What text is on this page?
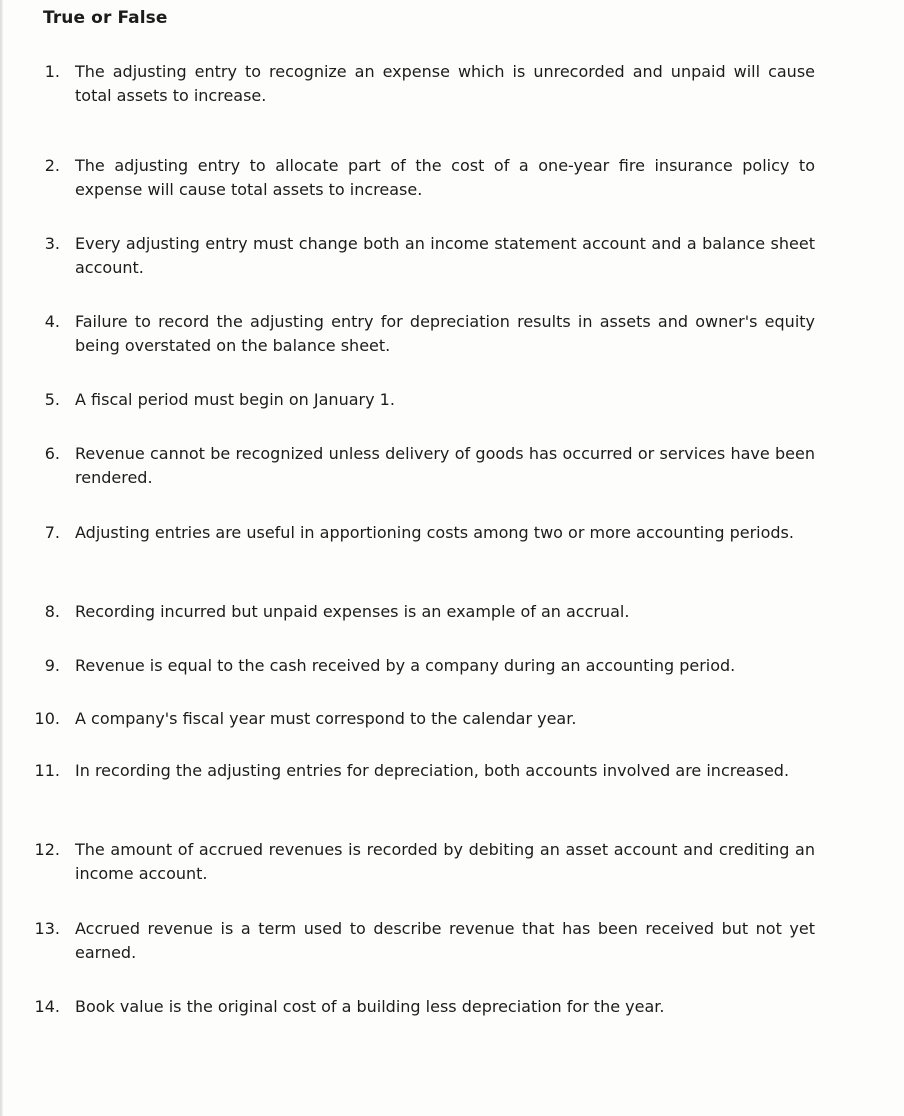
True or False
1. The adjusting entry to recognize an expense which is unrecorded and unpaid will cause total assets to increase.
2. The adjusting entry to allocate part of the cost of a one-year fire insurance policy to expense will cause total assets to increase.
3. Every adjusting entry must change both an income statement account and a balance sheet account.
4. Failure to record the adjusting entry for depreciation results in assets and owner's equity being overstated on the balance sheet.
5. A fiscal period must begin on January 1.
6. Revenue cannot be recognized unless delivery of goods has occurred or services have been rendered.
7. Adjusting entries are useful in apportioning costs among two or more accounting periods.
8. Recording incurred but unpaid expenses is an example of an accrual.
9. Revenue is equal to the cash received by a company during an accounting period.
10. A company's fiscal year must correspond to the calendar year.
11. In recording the adjusting entries for depreciation, both accounts involved are increased.
12. The amount of accrued revenues is recorded by debiting an asset account and crediting an income account.
13. Accrued revenue is a term used to describe revenue that has been received but not yet earned.
14. Book value is the original cost of a building less depreciation for the year.
